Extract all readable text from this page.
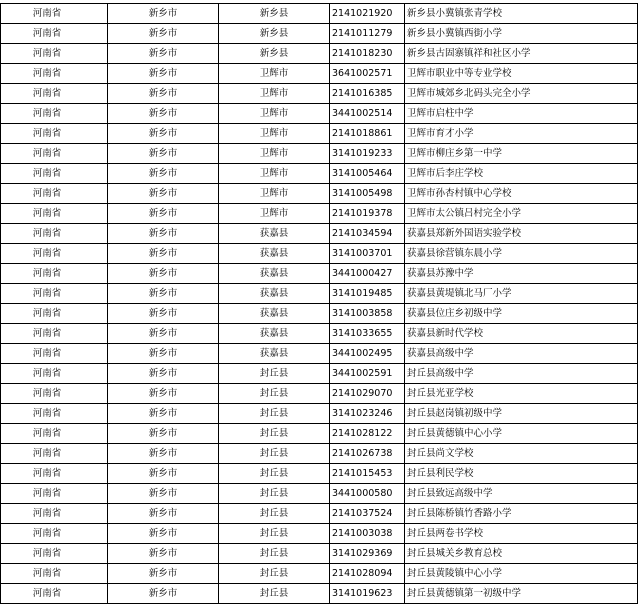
河南省	新乡市	新乡县	2141021920	新乡县小冀镇张青学校
河南省	新乡市	新乡县	2141011279	新乡县小冀镇西街小学
河南省	新乡市	新乡县	2141018230	新乡县古固寨镇祥和社区小学
河南省	新乡市	卫辉市	3641002571	卫辉市职业中等专业学校
河南省	新乡市	卫辉市	2141016385	卫辉市城郊乡北码头完全小学
河南省	新乡市	卫辉市	3441002514	卫辉市启柱中学
河南省	新乡市	卫辉市	2141018861	卫辉市育才小学
河南省	新乡市	卫辉市	3141019233	卫辉市柳庄乡第一中学
河南省	新乡市	卫辉市	3141005464	卫辉市后李庄学校
河南省	新乡市	卫辉市	3141005498	卫辉市孙杏村镇中心学校
河南省	新乡市	卫辉市	2141019378	卫辉市太公镇吕村完全小学
河南省	新乡市	获嘉县	2141034594	获嘉县郑新外国语实验学校
河南省	新乡市	获嘉县	3141003701	获嘉县徐营镇东晨小学
河南省	新乡市	获嘉县	3441000427	获嘉县苏豫中学
河南省	新乡市	获嘉县	3141019485	获嘉县黄堤镇北马厂小学
河南省	新乡市	获嘉县	3141003858	获嘉县位庄乡初级中学
河南省	新乡市	获嘉县	3141033655	获嘉县新时代学校
河南省	新乡市	获嘉县	3441002495	获嘉县高级中学
河南省	新乡市	封丘县	3441002591	封丘县高级中学
河南省	新乡市	封丘县	2141029070	封丘县光亚学校
河南省	新乡市	封丘县	3141023246	封丘县赵岗镇初级中学
河南省	新乡市	封丘县	2141028122	封丘县黄德镇中心小学
河南省	新乡市	封丘县	2141026738	封丘县尚文学校
河南省	新乡市	封丘县	2141015453	封丘县利民学校
河南省	新乡市	封丘县	3441000580	封丘县致远高级中学
河南省	新乡市	封丘县	2141037524	封丘县陈桥镇竹香路小学
河南省	新乡市	封丘县	2141003038	封丘县两卷书学校
河南省	新乡市	封丘县	3141029369	封丘县城关乡教育总校
河南省	新乡市	封丘县	2141028094	封丘县黄陵镇中心小学
河南省	新乡市	封丘县	3141019623	封丘县黄德镇第一初级中学
